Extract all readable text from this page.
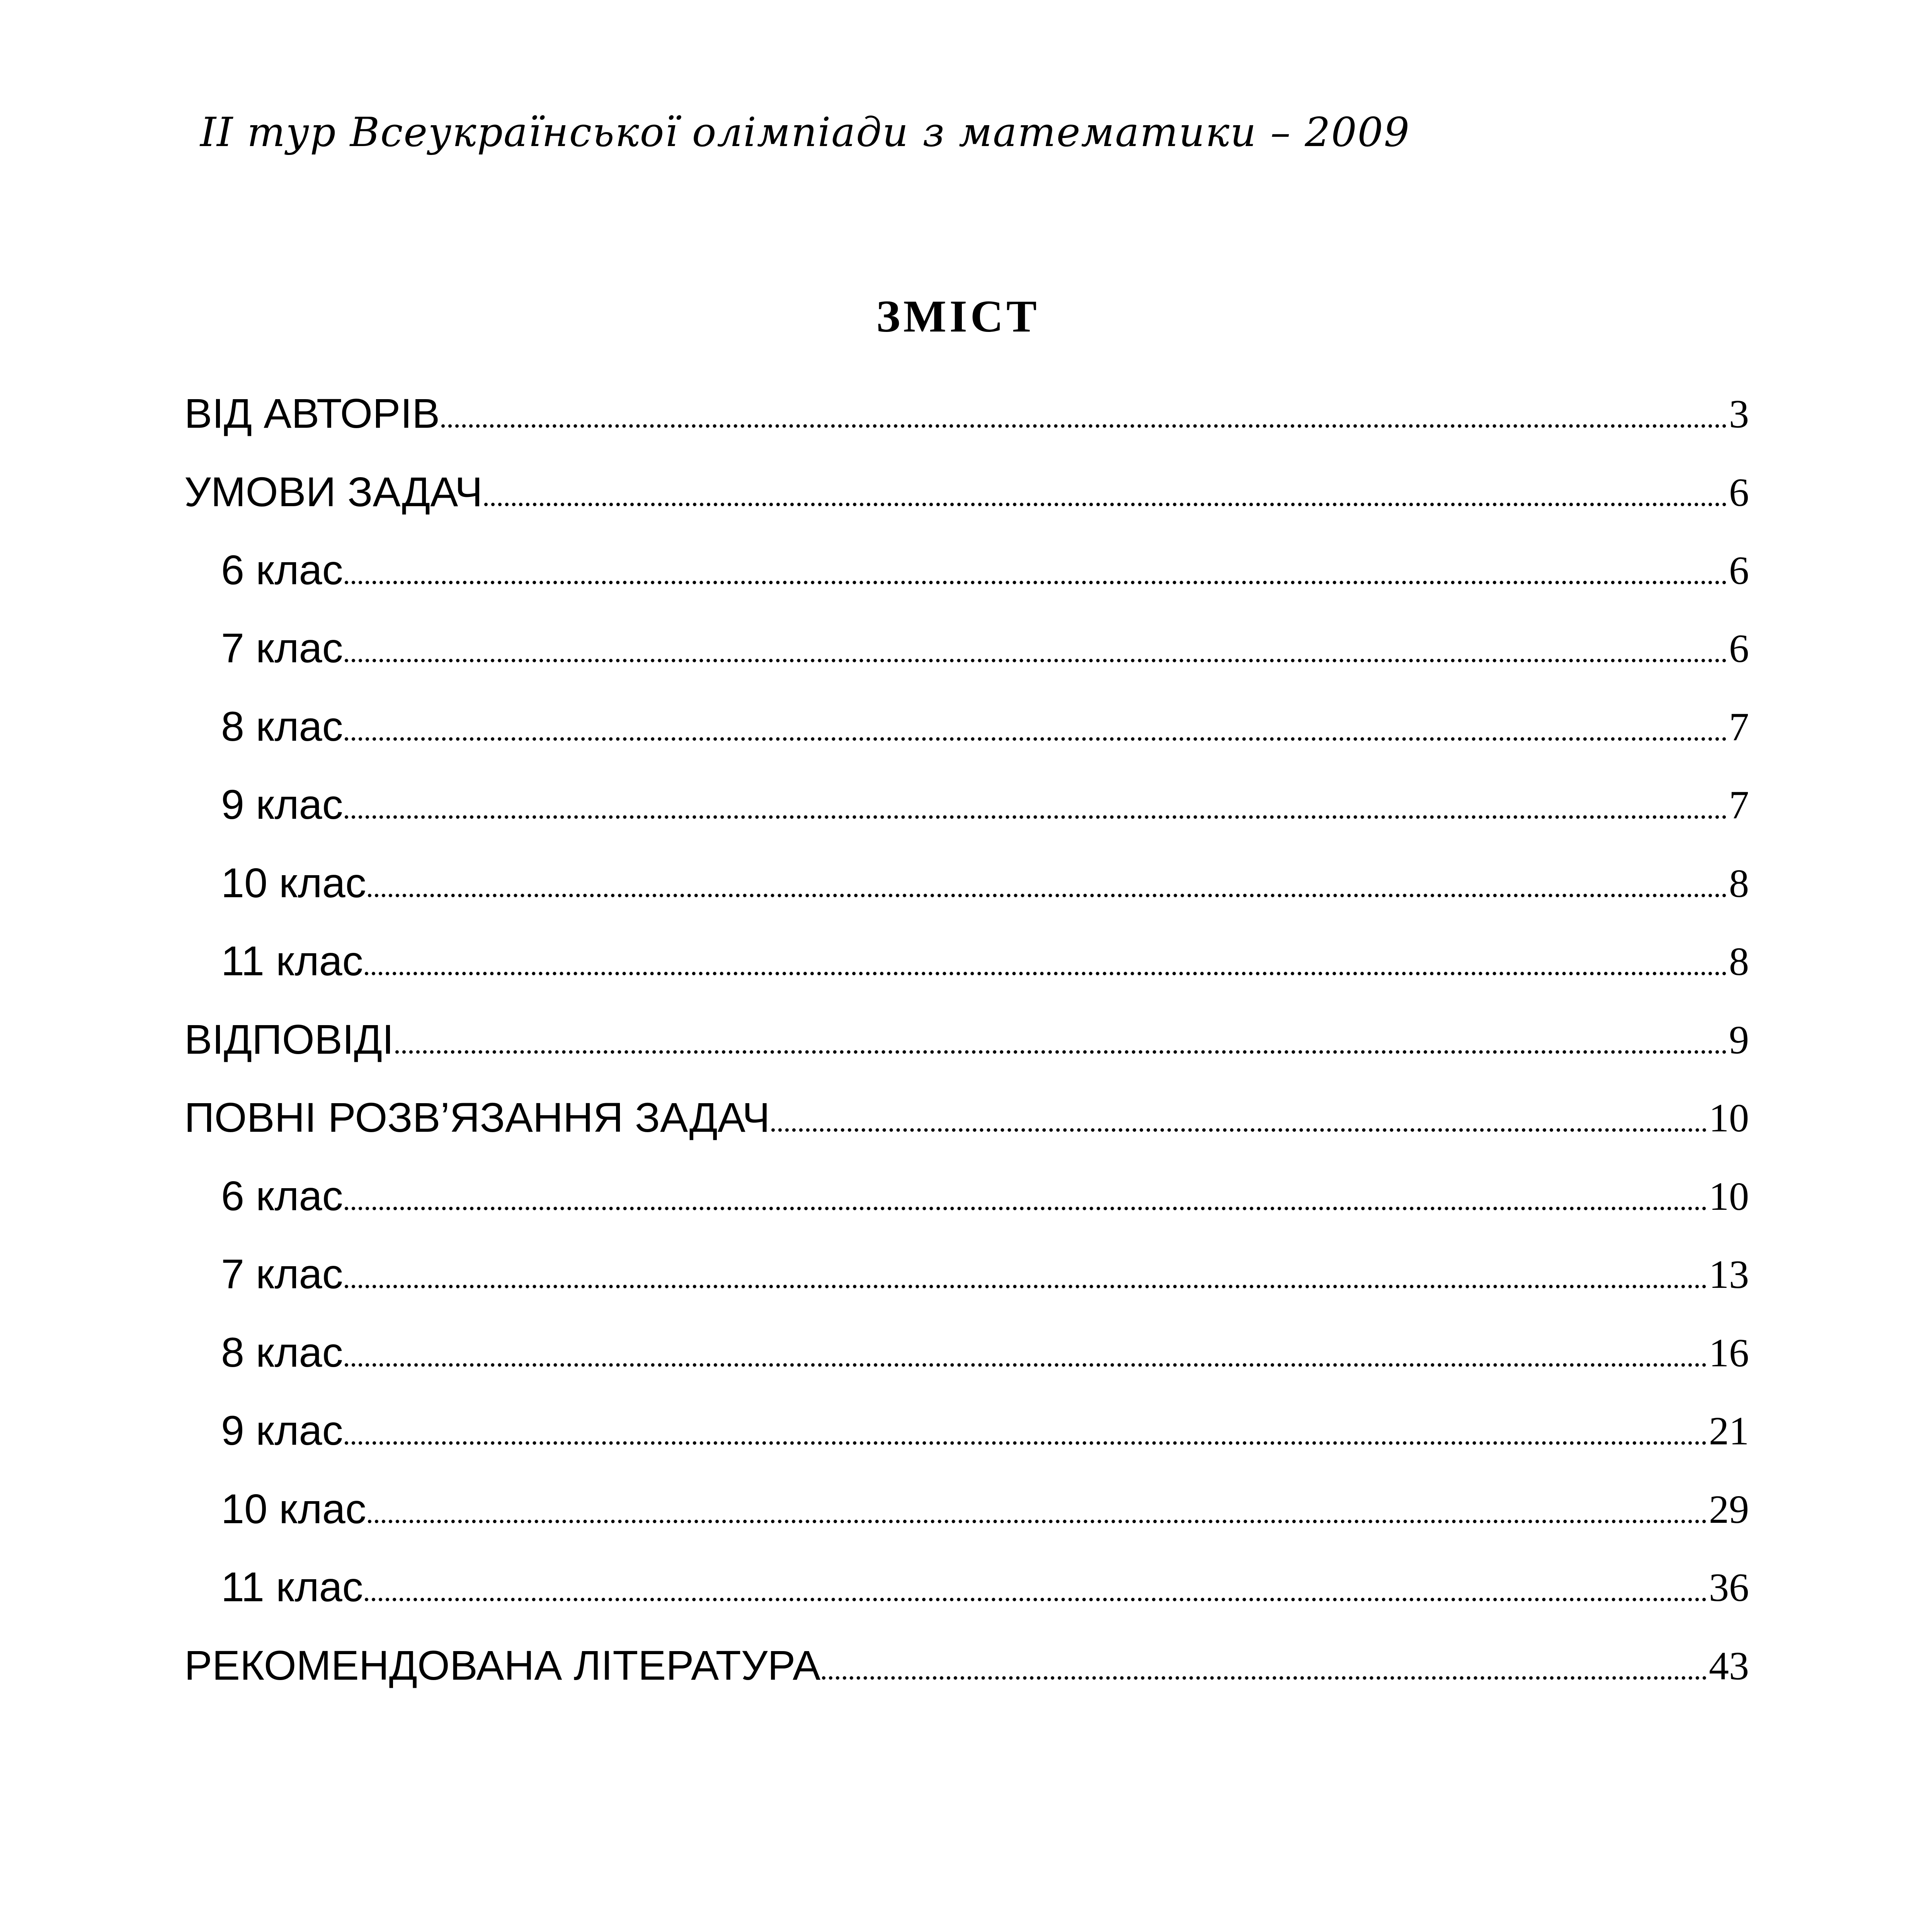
II тур Всеукраїнської олімпіади з математики – 2009
ЗМІСТ
ВІД АВТОРІВ	3
УМОВИ ЗАДАЧ	6
6 клас	6
7 клас	6
8 клас	7
9 клас	7
10 клас	8
11 клас	8
ВІДПОВІДІ	9
ПОВНІ РОЗВ’ЯЗАННЯ ЗАДАЧ	10
6 клас	10
7 клас	13
8 клас	16
9 клас	21
10 клас	29
11 клас	36
РЕКОМЕНДОВАНА ЛІТЕРАТУРА	43
